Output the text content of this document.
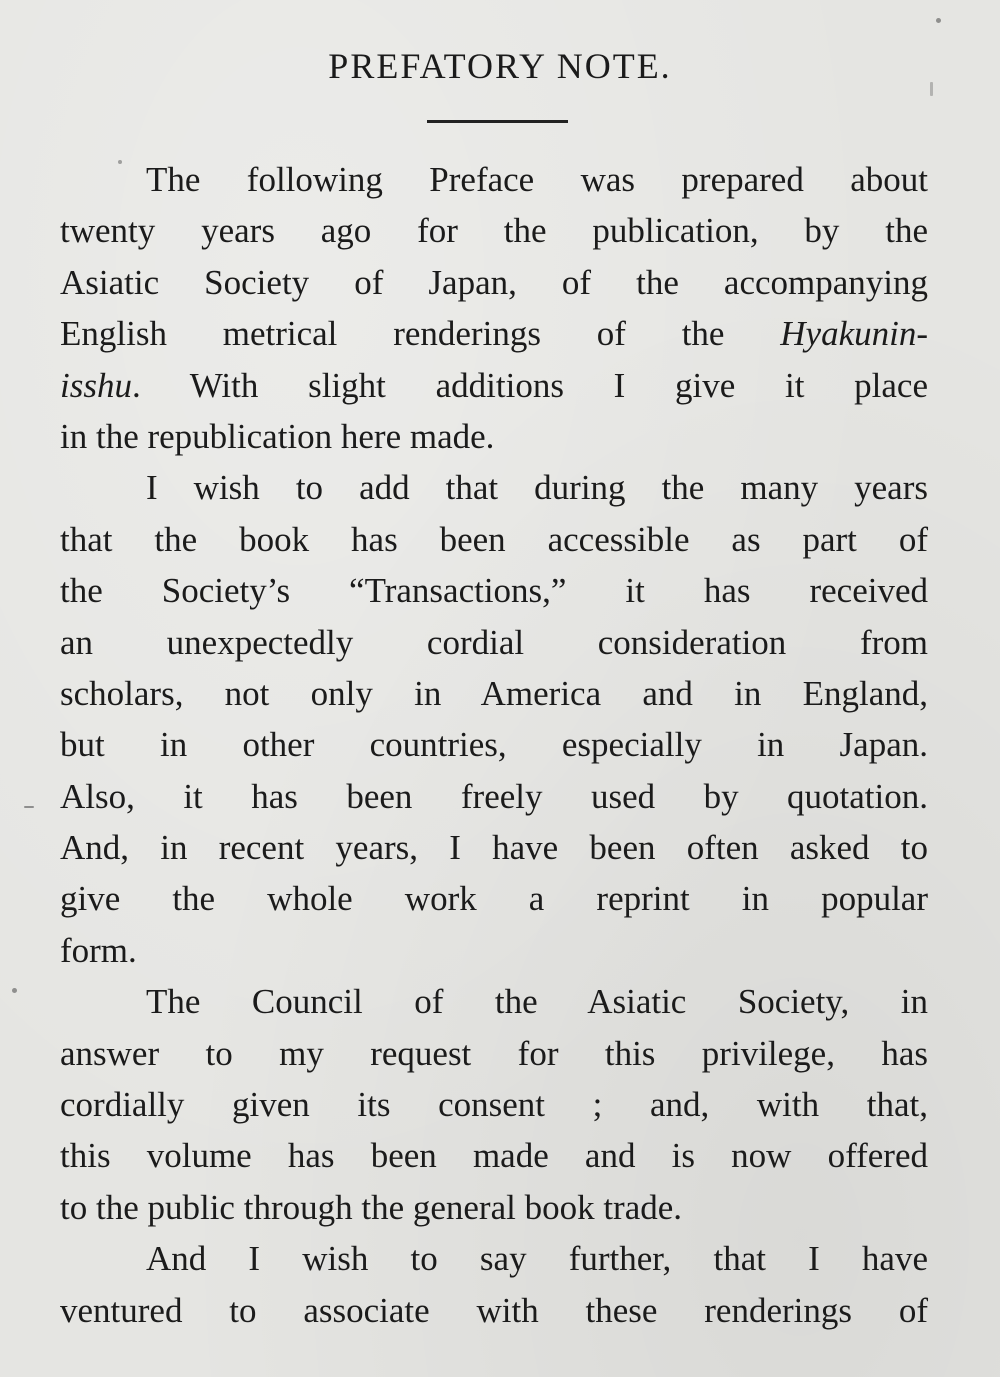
PREFATORY NOTE.
The following Preface was prepared about
twenty years ago for the publication, by the
Asiatic Society of Japan, of the accompanying
English metrical renderings of the Hyakunin-
isshu. With slight additions I give it place
in the republication here made.
I wish to add that during the many years
that the book has been accessible as part of
the Society’s “Transactions,” it has received
an unexpectedly cordial consideration from
scholars, not only in America and in England,
but in other countries, especially in Japan.
Also, it has been freely used by quotation.
And, in recent years, I have been often asked to
give the whole work a reprint in popular
form.
The Council of the Asiatic Society, in
answer to my request for this privilege, has
cordially given its consent ; and, with that,
this volume has been made and is now offered
to the public through the general book trade.
And I wish to say further, that I have
ventured to associate with these renderings of
